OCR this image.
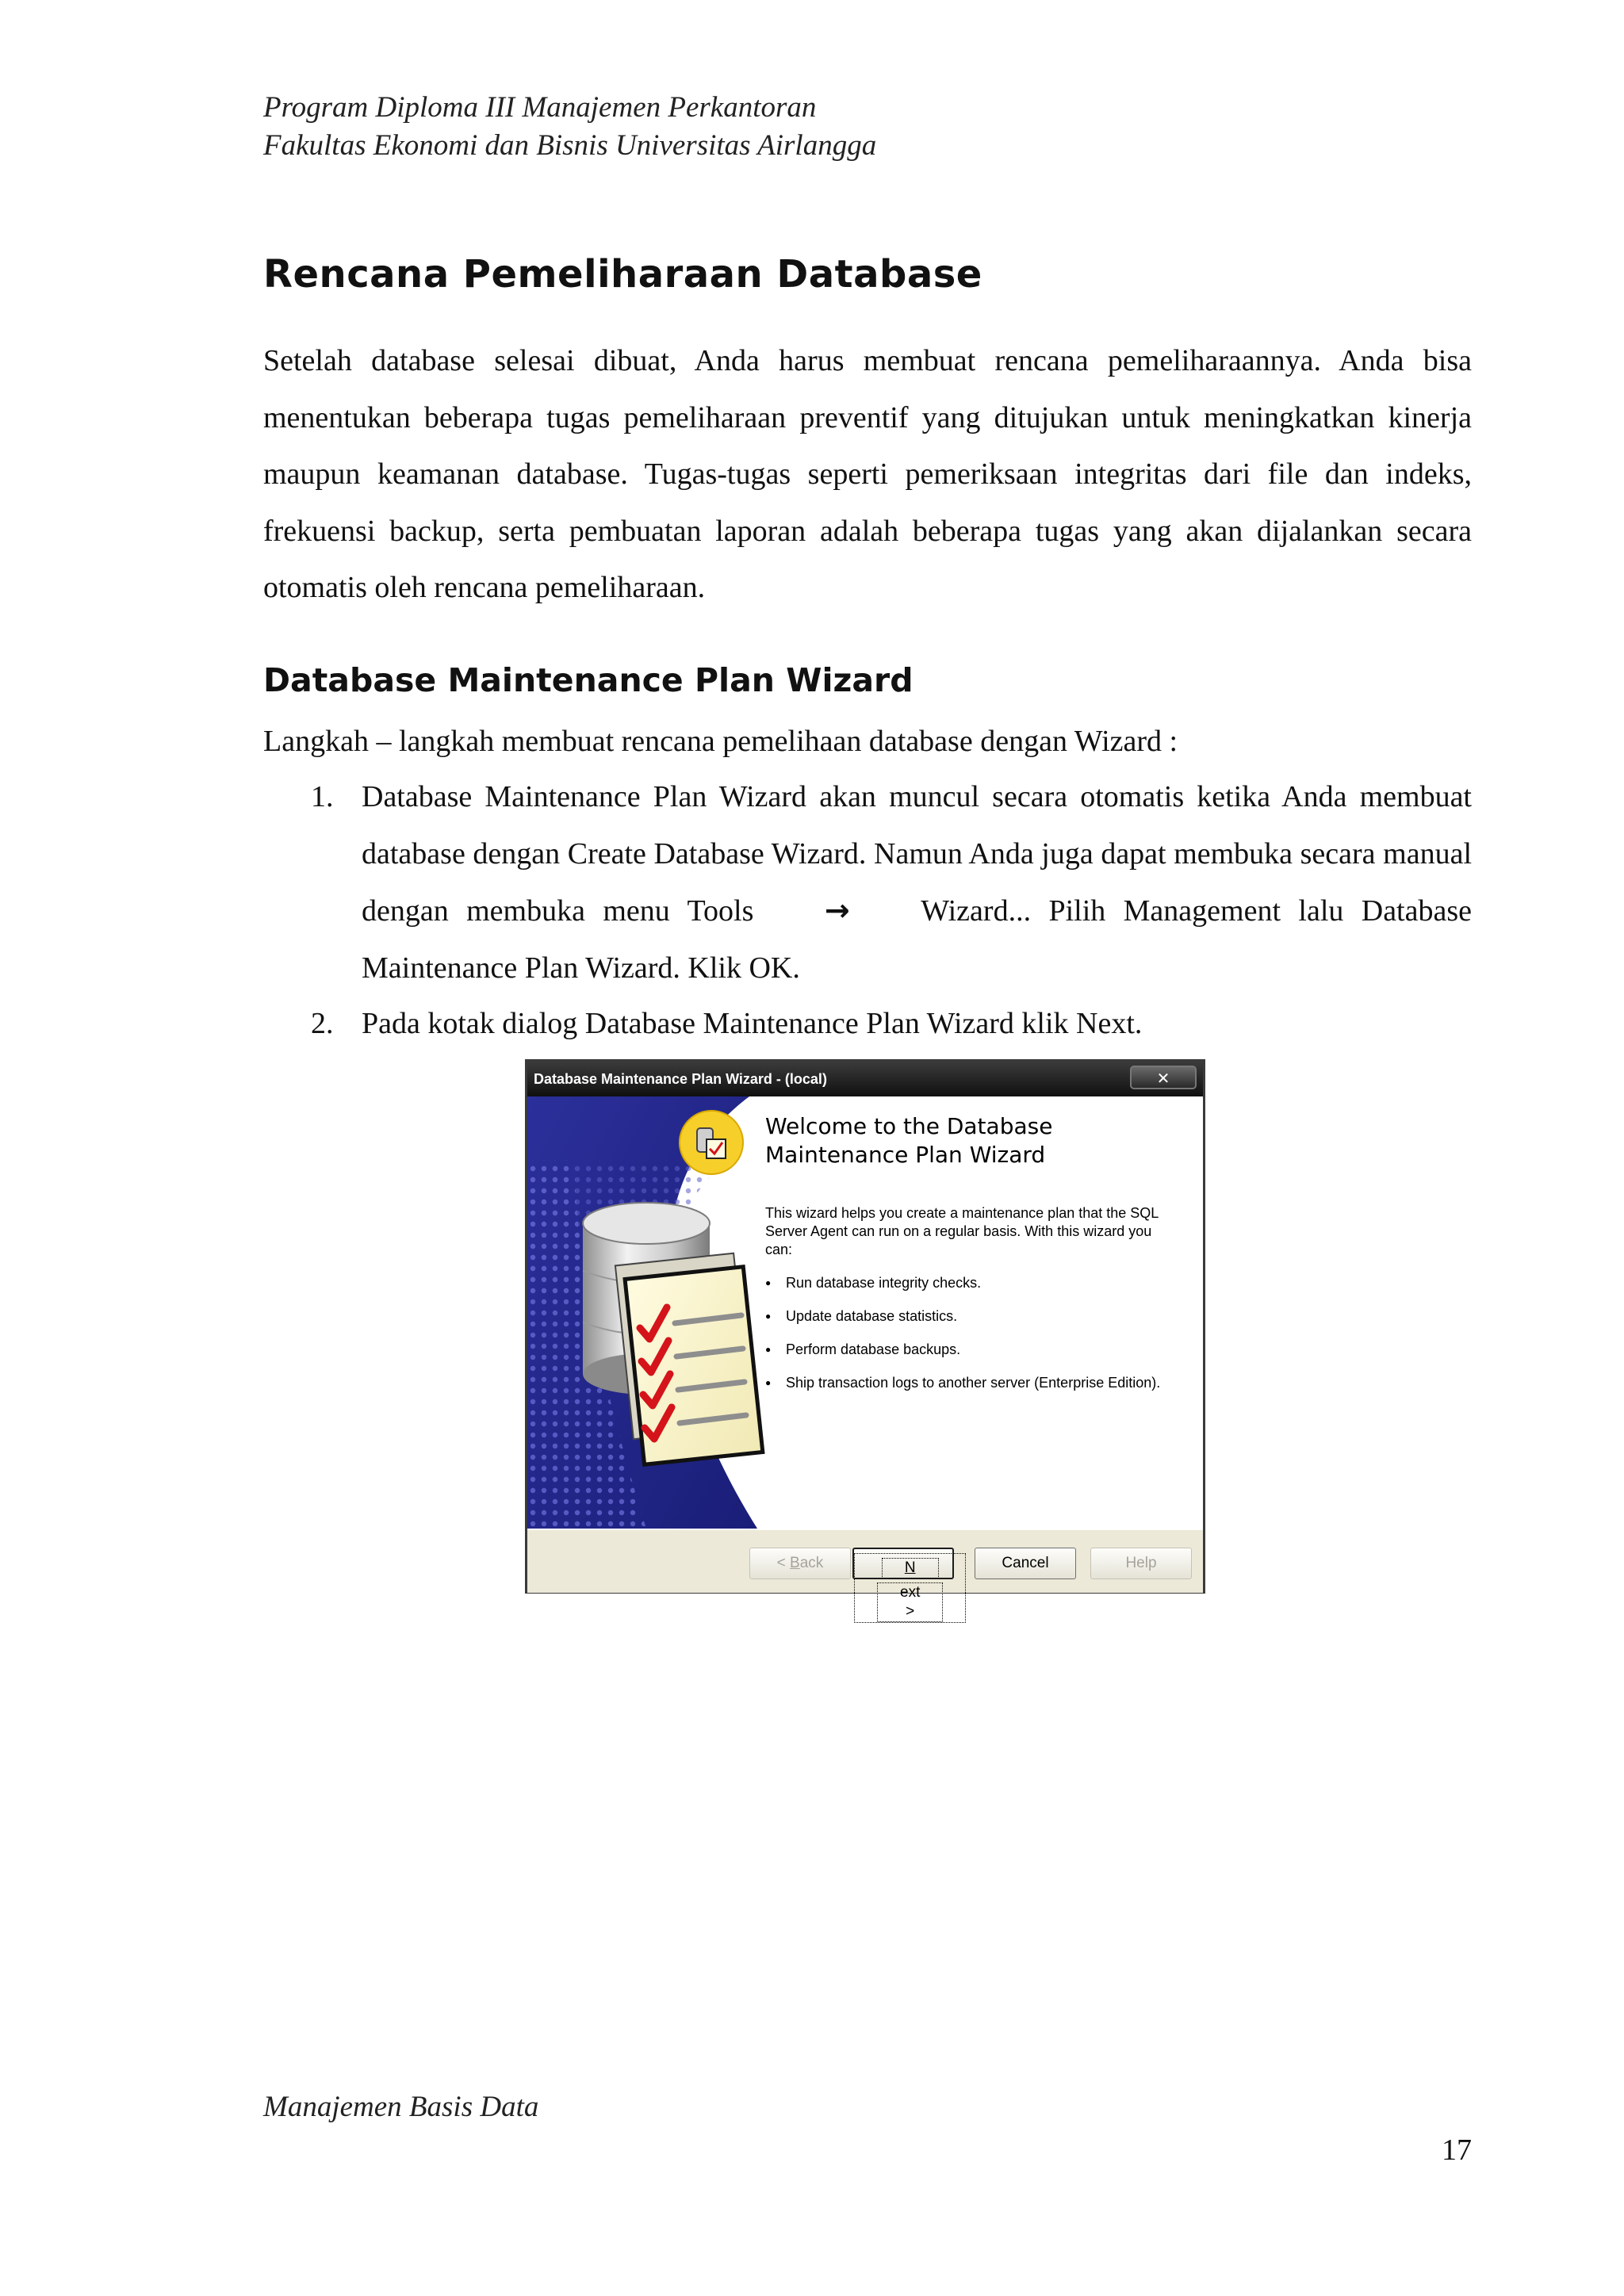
Program Diploma III Manajemen Perkantoran
Fakultas Ekonomi dan Bisnis Universitas Airlangga
Rencana Pemeliharaan Database
Setelah database selesai dibuat, Anda harus membuat rencana pemeliharaannya. Anda bisa menentukan beberapa tugas pemeliharaan preventif yang ditujukan untuk meningkatkan kinerja maupun keamanan database. Tugas-tugas seperti pemeriksaan integritas dari file dan indeks, frekuensi backup, serta pembuatan laporan adalah beberapa tugas yang akan dijalankan secara otomatis oleh rencana pemeliharaan.
Database Maintenance Plan Wizard
Langkah – langkah membuat rencana pemelihaan database dengan Wizard :
1. Database Maintenance Plan Wizard akan muncul secara otomatis ketika Anda membuat database dengan Create Database Wizard. Namun Anda juga dapat membuka secara manual dengan membuka menu Tools → Wizard... Pilih Management lalu Database Maintenance Plan Wizard. Klik OK.
2. Pada kotak dialog Database Maintenance Plan Wizard klik Next.
Database Maintenance Plan Wizard - (local)	✕
Welcome to the Database Maintenance Plan Wizard
This wizard helps you create a maintenance plan that the SQL Server Agent can run on a regular basis. With this wizard you can:
● Run database integrity checks.
● Update database statistics.
● Perform database backups.
● Ship transaction logs to another server (Enterprise Edition).
< Back	Next >
Cancel	Help
Manajemen Basis Data
17
